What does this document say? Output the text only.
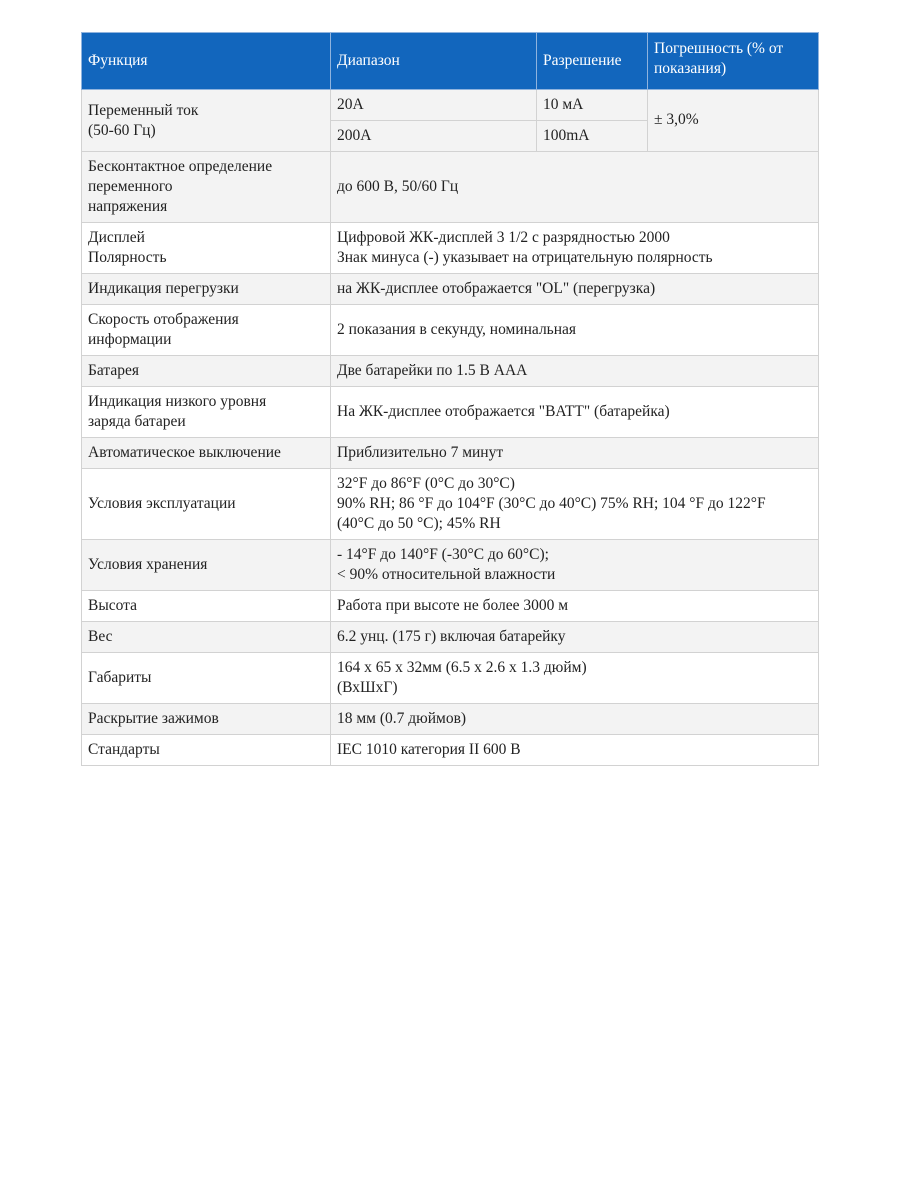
Функция	Диапазон	Разрешение	Погрешность (% от показания)

Переменный ток
(50-60 Гц)	20A	10 мА	± 3,0%
	200A	100mA	

Бесконтактное определение
переменного
напряжения	до 600 В, 50/60 Гц		

Дисплей
Полярность	Цифровой ЖК-дисплей 3 1/2 с разрядностью 2000
Знак минуса (-) указывает на отрицательную полярность		

Индикация перегрузки	на ЖК-дисплее отображается "OL" (перегрузка)		

Скорость отображения
информации	2 показания в секунду, номинальная		

Батарея	Две батарейки по 1.5 В AAA		

Индикация низкого уровня
заряда батареи	На ЖК-дисплее отображается "BATT" (батарейка)		

Автоматическое выключение	Приблизительно 7 минут		

Условия эксплуатации	32°F до 86°F (0°C до 30°C)
90% RH; 86 °F до 104°F (30°C до 40°C) 75% RH; 104 °F до 122°F
(40°C до 50 °C); 45% RH		

Условия хранения	- 14°F до 140°F (-30°C до 60°C);
< 90% относительной влажности		

Высота	Работа при высоте не более 3000 м		

Вес	6.2 унц. (175 г) включая батарейку		

Габариты	164 x 65 x 32мм (6.5 x 2.6 x 1.3 дюйм)
(ВхШхГ)		

Раскрытие зажимов	18 мм (0.7 дюймов)		

Стандарты	IEC 1010 категория II 600 В		
